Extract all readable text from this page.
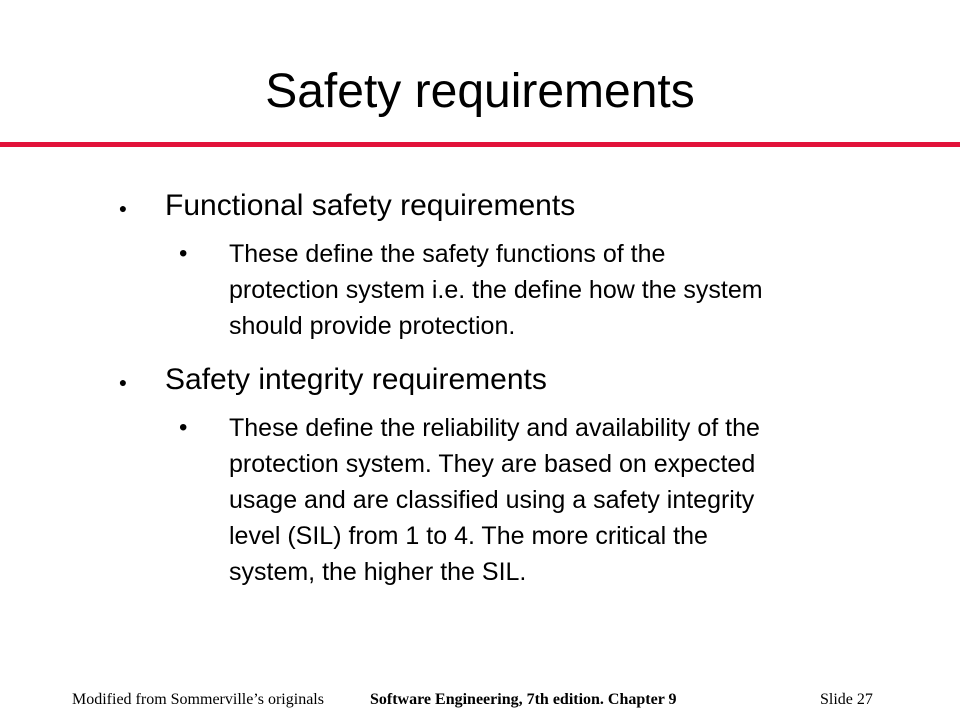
Safety requirements
● Functional safety requirements
• These define the safety functions of the
protection system i.e. the define how the system
should provide protection.
● Safety integrity requirements
• These define the reliability and availability of the
protection system. They are based on expected
usage and are classified using a safety integrity
level (SIL) from 1 to 4. The more critical the
system, the higher the SIL.
Modified from Sommerville’s originals	Software Engineering, 7th edition. Chapter 9	Slide 27
